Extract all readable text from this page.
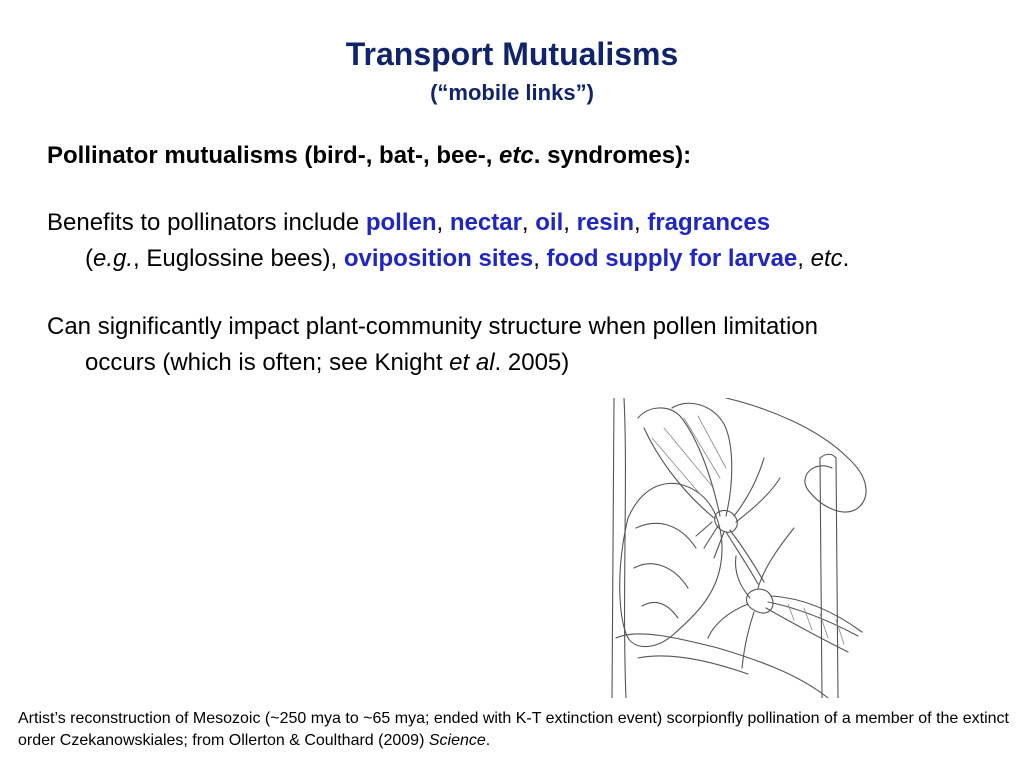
Transport Mutualisms
(“mobile links”)
Pollinator mutualisms (bird-, bat-, bee-, etc. syndromes):
Benefits to pollinators include pollen, nectar, oil, resin, fragrances
(e.g., Euglossine bees), oviposition sites, food supply for larvae, etc.
Can significantly impact plant-community structure when pollen limitation
occurs (which is often; see Knight et al. 2005)
Artist’s reconstruction of Mesozoic (~250 mya to ~65 mya; ended with K-T extinction event) scorpionfly pollination of a member of the extinct order Czekanowskiales; from Ollerton & Coulthard (2009) Science.
